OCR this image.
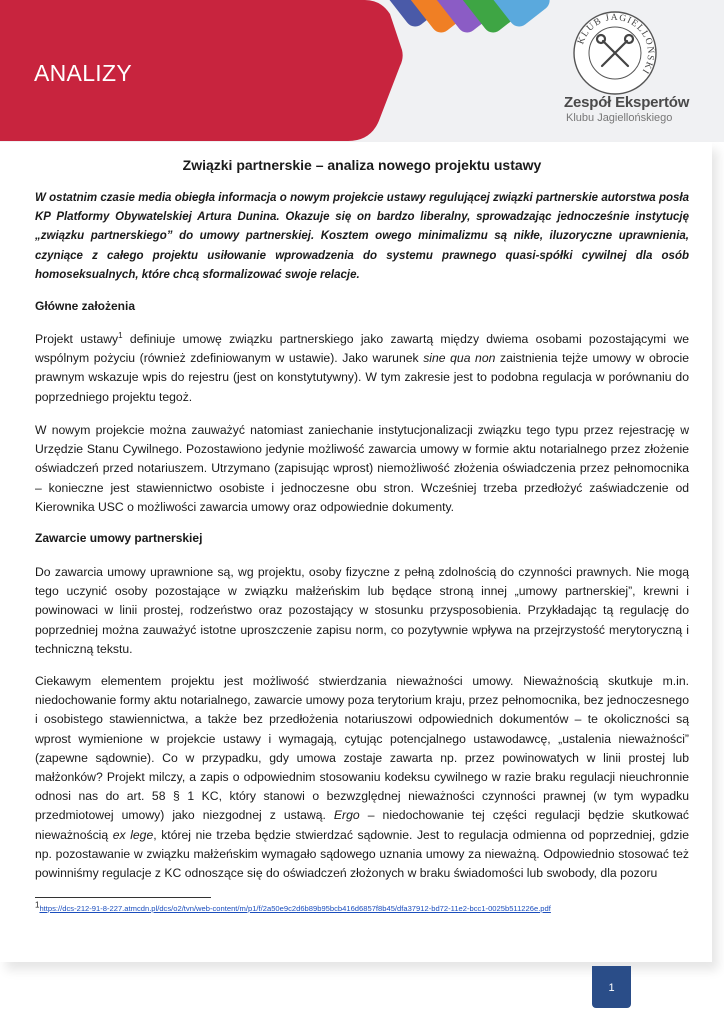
ANALIZY
KLUB JAGIELLOŃSKI
Zespół Ekspertów
Klubu Jagiellońskiego
Związki partnerskie – analiza nowego projektu ustawy

W ostatnim czasie media obiegła informacja o nowym projekcie ustawy regulującej związki partnerskie autorstwa posła KP Platformy Obywatelskiej Artura Dunina. Okazuje się on bardzo liberalny, sprowadzając jednocześnie instytucję „związku partnerskiego” do umowy partnerskiej. Kosztem owego minimalizmu są nikłe, iluzoryczne uprawnienia, czyniące z całego projektu usiłowanie wprowadzenia do systemu prawnego quasi-spółki cywilnej dla osób homoseksualnych, które chcą sformalizować swoje relacje.

Główne założenia

Projekt ustawy$^1$ definiuje umowę związku partnerskiego jako zawartą między dwiema osobami pozostającymi we wspólnym pożyciu (również zdefiniowanym w ustawie). Jako warunek sine qua non zaistnienia tejże umowy w obrocie prawnym wskazuje wpis do rejestru (jest on konstytutywny). W tym zakresie jest to podobna regulacja w porównaniu do poprzedniego projektu tegoż.

W nowym projekcie można zauważyć natomiast zaniechanie instytucjonalizacji związku tego typu przez rejestrację w Urzędzie Stanu Cywilnego. Pozostawiono jedynie możliwość zawarcia umowy w formie aktu notarialnego przez złożenie oświadczeń przed notariuszem. Utrzymano (zapisując wprost) niemożliwość złożenia oświadczenia przez pełnomocnika – konieczne jest stawiennictwo osobiste i jednoczesne obu stron. Wcześniej trzeba przedłożyć zaświadczenie od Kierownika USC o możliwości zawarcia umowy oraz odpowiednie dokumenty.

Zawarcie umowy partnerskiej

Do zawarcia umowy uprawnione są, wg projektu, osoby fizyczne z pełną zdolnością do czynności prawnych. Nie mogą tego uczynić osoby pozostające w związku małżeńskim lub będące stroną innej „umowy partnerskiej”, krewni i powinowaci w linii prostej, rodzeństwo oraz pozostający w stosunku przysposobienia. Przykładając tą regulację do poprzedniej można zauważyć istotne uproszczenie zapisu norm, co pozytywnie wpływa na przejrzystość merytoryczną i techniczną tekstu.

Ciekawym elementem projektu jest możliwość stwierdzania nieważności umowy. Nieważnością skutkuje m.in. niedochowanie formy aktu notarialnego, zawarcie umowy poza terytorium kraju, przez pełnomocnika, bez jednoczesnego i osobistego stawiennictwa, a także bez przedłożenia notariuszowi odpowiednich dokumentów – te okoliczności są wprost wymienione w projekcie ustawy i wymagają, cytując potencjalnego ustawodawcę, „ustalenia nieważności” (zapewne sądownie). Co w przypadku, gdy umowa zostaje zawarta np. przez powinowatych w linii prostej lub małżonków? Projekt milczy, a zapis o odpowiednim stosowaniu kodeksu cywilnego w razie braku regulacji nieuchronnie odnosi nas do art. 58 § 1 KC, który stanowi o bezwzględnej nieważności czynności prawnej (w tym wypadku przedmiotowej umowy) jako niezgodnej z ustawą. Ergo – niedochowanie tej części regulacji będzie skutkować nieważnością ex lege, której nie trzeba będzie stwierdzać sądownie. Jest to regulacja odmienna od poprzedniej, gdzie np. pozostawanie w związku małżeńskim wymagało sądowego uznania umowy za nieważną. Odpowiednio stosować też powinniśmy regulacje z KC odnoszące się do oświadczeń złożonych w braku świadomości lub swobody, dla pozoru

$^1$https://dcs-212-91-8-227.atmcdn.pl/dcs/o2/tvn/web-content/m/p1/f/2a50e9c2d6b89b95bcb416d6857f8b45/dfa37912-bd72-11e2-bcc1-0025b511226e.pdf
1
